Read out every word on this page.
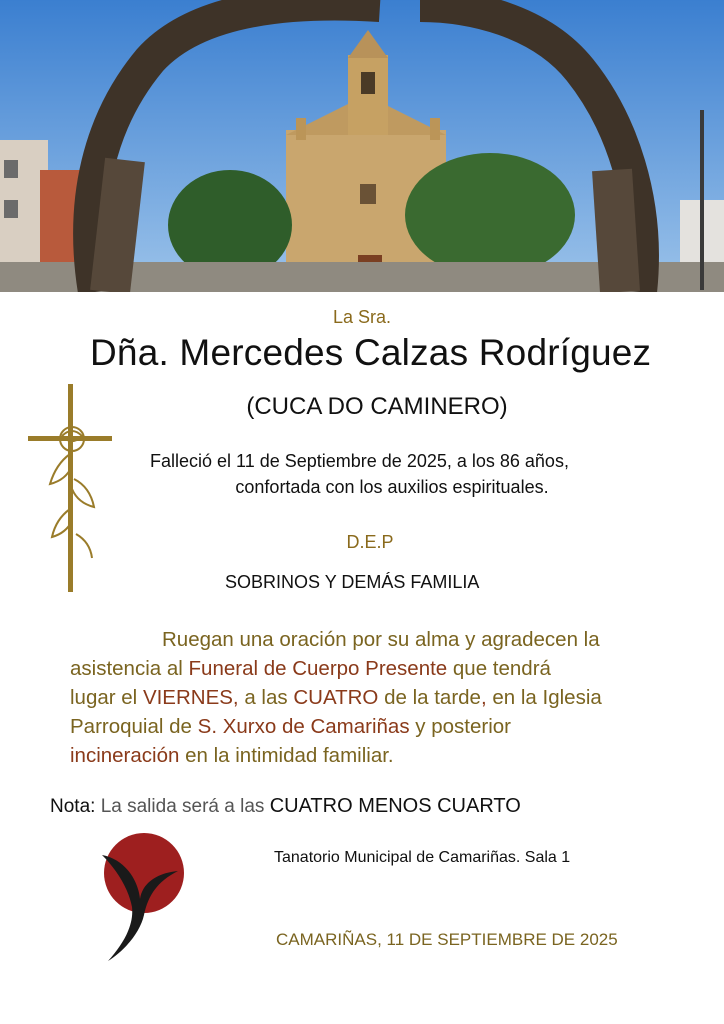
La Sra.
Dña. Mercedes Calzas Rodríguez
(CUCA DO CAMINERO)
Falleció el 11 de Septiembre de 2025, a los 86 años,
confortada con los auxilios espirituales.
D.E.P
SOBRINOS Y DEMÁS FAMILIA
Ruegan una oración por su alma y agradecen la
asistencia al Funeral de Cuerpo Presente que tendrá
lugar el VIERNES, a las CUATRO de la tarde, en la Iglesia
Parroquial de S. Xurxo de Camariñas y posterior
incineración en la intimidad familiar.
Nota: La salida será a las CUATRO MENOS CUARTO
Tanatorio Municipal de Camariñas. Sala 1
CAMARIÑAS, 11 DE SEPTIEMBRE DE 2025
